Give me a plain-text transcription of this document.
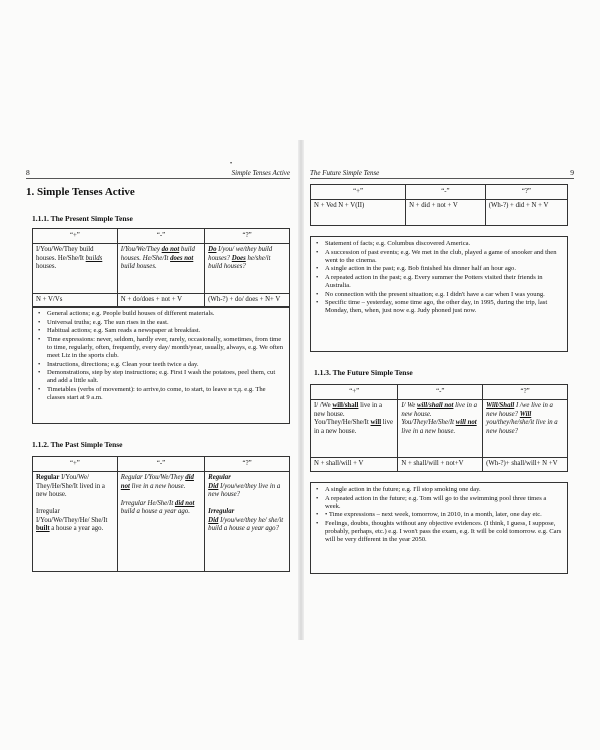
•
8	Simple Tenses Active
1. Simple Tenses Active
1.1.1. The Present Simple Tense
“+”	“-”	“?”
I/You/We/They build houses. He/She/It builds houses.	I/You/We/They do not build houses. He/She/It does not build houses.	Do I/you/ we/they build houses? Does he/she/it build houses?
N + V/Vs	N + do/does + not + V	(Wh-?) + do/ does + N+ V
• General actions; e.g. People build houses of different materials.
• Universal truths; e.g. The sun rises in the east.
• Habitual actions; e.g. Sam reads a newspaper at breakfast.
• Time expressions: never, seldom, hardly ever, rarely, occasionally, sometimes, from time to time, regularly, often, frequently, every day/ month/year, usually, always, e.g. We often meet Liz in the sports club.
• Instructions, directions; e.g. Clean your teeth twice a day.
• Demonstrations, step by step instructions; e.g. First I wash the potatoes, peel them, cut and add a little salt.
• Timetables (verbs of movement): to arrive,to come, to start, to leave и т.д. e.g. The classes start at 9 a.m.
1.1.2. The Past Simple Tense
“+”	“-”	“?”
Regular I/You/We/ They/He/She/It lived in a new house.

Irregular I/You/We/They/He/ She/It built a house a year ago.	Regular I/You/We/They did not live in a new house.

Irregular He/She/It did not build a house a year ago.	Regular
Did I/you/we/they live in a new house?

Irregular
Did I/you/we/they he/ she/it build a house a year ago?
The Future Simple Tense	9
“+”	“-”	“?”
N + Ved N + V(II)	N + did + not + V	(Wh-?) + did + N + V
• Statement of facts; e.g. Columbus discovered America.
• A succession of past events; e.g. We met in the club, played a game of snooker and then went to the cinema.
• A single action in the past; e.g. Bob finished his dinner half an hour ago.
• A repeated action in the past; e.g. Every summer the Potters visited their friends in Australia.
• No connection with the present situation; e.g. I didn't have a car when I was young.
• Specific time – yesterday, some time ago, the other day, in 1995, during the trip, last Monday, then, when, just now e.g. Judy phoned just now.
1.1.3. The Future Simple Tense
“+”	“-”	“?”
I/ /We will/shall live in a new house. You/They/He/She/It will live in a new house.	I/ We will/shall not live in a new house. You/They/He/She/It will not live in a new house.	Will/Shall I /we live in a new house? Will you/they/he/she/it live in a new house?
N + shall/will + V	N + shall/will + not+V	(Wh-?)+ shall/will+ N +V
• A single action in the future; e.g. I'll stop smoking one day.
• A repeated action in the future; e.g. Tom will go to the swimming pool three times a week.
• • Time expressions – next week, tomorrow, in 2010, in a month, later, one day etc.
• Feelings, doubts, thoughts without any objective evidences. (I think, I guess, I suppose, probably, perhaps, etc.) e.g. I won't pass the exam, e.g. It will be cold tomorrow. e.g. Cars will be very different in the year 2050.
